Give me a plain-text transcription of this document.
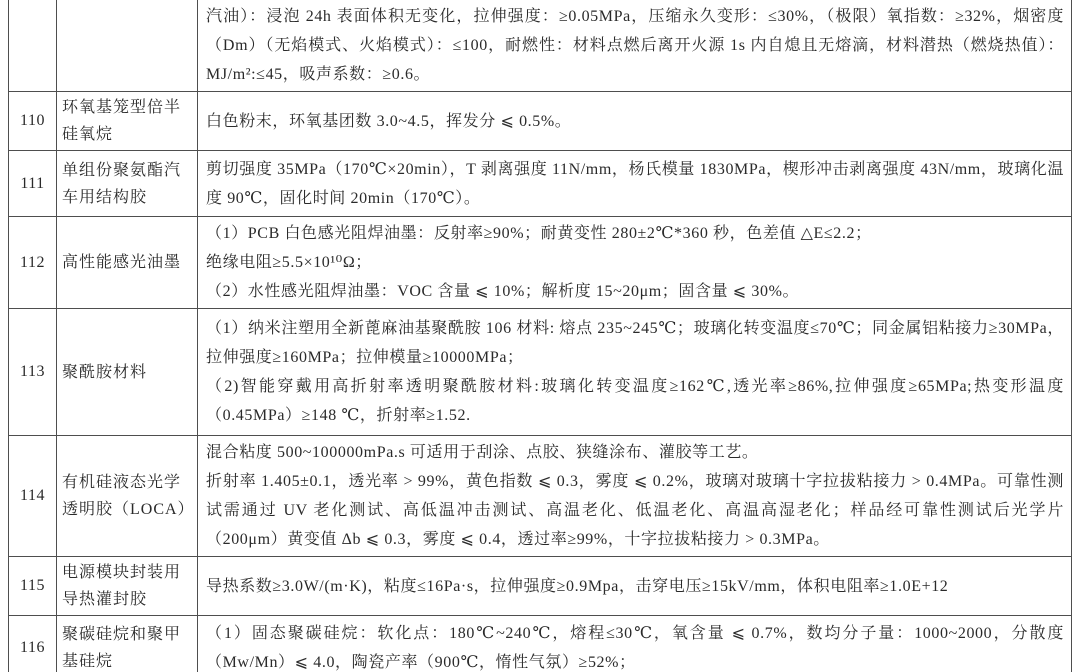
汽油）：浸泡 24h 表面体积无变化，拉伸强度：≥0.05MPa，压缩永久变形：≤30%，（极限）氧指数：≥32%，烟密度（Dm）（无焰模式、火焰模式）：≤100，耐燃性：材料点燃后离开火源 1s 内自熄且无熔滴，材料潜热（燃烧热值）：MJ/m²:≤45，吸声系数：≥0.6。

110
环氧基笼型倍半硅氧烷

白色粉末，环氧基团数 3.0~4.5，挥发分 ⩽ 0.5%。

111
单组份聚氨酯汽车用结构胶

剪切强度 35MPa（170℃×20min），T 剥离强度 11N/mm，杨氏模量 1830MPa，楔形冲击剥离强度 43N/mm，玻璃化温度 90℃，固化时间 20min（170℃）。

112	高性能感光油墨

（1）PCB 白色感光阻焊油墨：反射率≥90%；耐黄变性 280±2℃*360 秒，色差值 △E≤2.2；

绝缘电阻≥5.5×10¹⁰Ω；

（2）水性感光阻焊油墨：VOC 含量 ⩽ 10%；解析度 15~20μm；固含量 ⩽ 30%。

113	聚酰胺材料

（1）纳米注塑用全新蓖麻油基聚酰胺 106 材料: 熔点 235~245℃；玻璃化转变温度≤70℃；同金属铝粘接力≥30MPa，拉伸强度≥160MPa；拉伸模量≥10000MPa；

（2)智能穿戴用高折射率透明聚酰胺材料:玻璃化转变温度≥162℃,透光率≥86%,拉伸强度≥65MPa;热变形温度（0.45MPa）≥148 ℃，折射率≥1.52.

114
有机硅液态光学透明胶（LOCA）

混合粘度 500~100000mPa.s 可适用于刮涂、点胶、狭缝涂布、灌胶等工艺。

折射率 1.405±0.1，透光率 > 99%，黄色指数 ⩽ 0.3，雾度 ⩽ 0.2%，玻璃对玻璃十字拉拔粘接力 > 0.4MPa。可靠性测试需通过 UV 老化测试、高低温冲击测试、高温老化、低温老化、高温高湿老化；样品经可靠性测试后光学片（200μm）黄变值 Δb ⩽ 0.3，雾度 ⩽ 0.4，透过率≥99%，十字拉拔粘接力 > 0.3MPa。

115
电源模块封装用导热灌封胶

导热系数≥3.0W/(m·K)，粘度≤16Pa·s，拉伸强度≥0.9Mpa，击穿电压≥15kV/mm，体积电阻率≥1.0E+12

116
聚碳硅烷和聚甲基硅烷

（1）固态聚碳硅烷：软化点：180℃~240℃，熔程≤30℃，氧含量 ⩽ 0.7%，数均分子量：1000~2000，分散度（Mw/Mn）⩽ 4.0，陶瓷产率（900℃，惰性气氛）≥52%；
